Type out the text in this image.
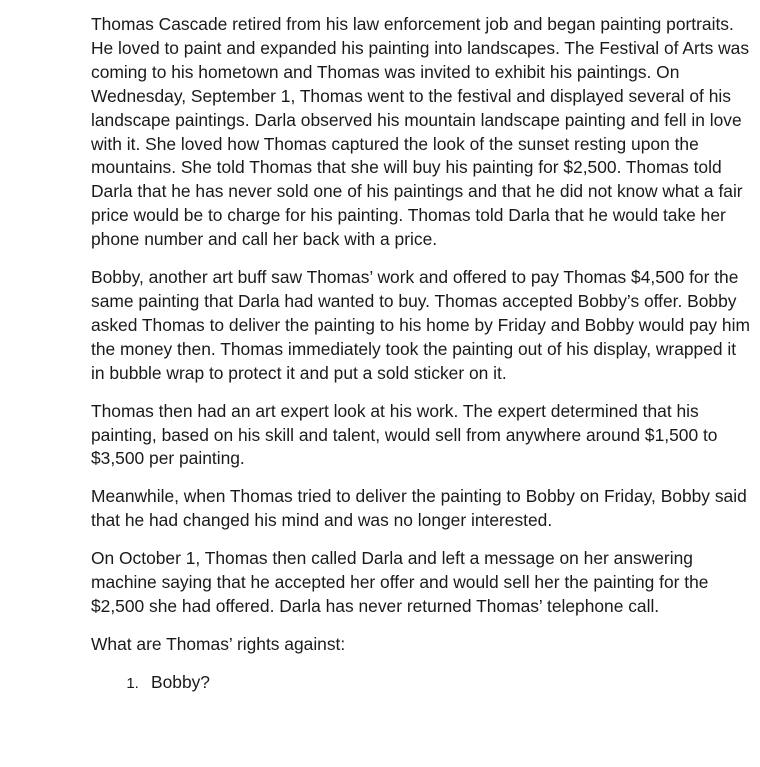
Thomas Cascade retired from his law enforcement job and began painting portraits. He loved to paint and expanded his painting into landscapes. The Festival of Arts was coming to his hometown and Thomas was invited to exhibit his paintings. On Wednesday, September 1, Thomas went to the festival and displayed several of his landscape paintings. Darla observed his mountain landscape painting and fell in love with it. She loved how Thomas captured the look of the sunset resting upon the mountains. She told Thomas that she will buy his painting for $2,500. Thomas told Darla that he has never sold one of his paintings and that he did not know what a fair price would be to charge for his painting. Thomas told Darla that he would take her phone number and call her back with a price.

Bobby, another art buff saw Thomas’ work and offered to pay Thomas $4,500 for the same painting that Darla had wanted to buy. Thomas accepted Bobby’s offer. Bobby asked Thomas to deliver the painting to his home by Friday and Bobby would pay him the money then. Thomas immediately took the painting out of his display, wrapped it in bubble wrap to protect it and put a sold sticker on it.

Thomas then had an art expert look at his work. The expert determined that his painting, based on his skill and talent, would sell from anywhere around $1,500 to $3,500 per painting.

Meanwhile, when Thomas tried to deliver the painting to Bobby on Friday, Bobby said that he had changed his mind and was no longer interested.

On October 1, Thomas then called Darla and left a message on her answering machine saying that he accepted her offer and would sell her the painting for the $2,500 she had offered. Darla has never returned Thomas’ telephone call.

What are Thomas’ rights against:

1. Bobby?
